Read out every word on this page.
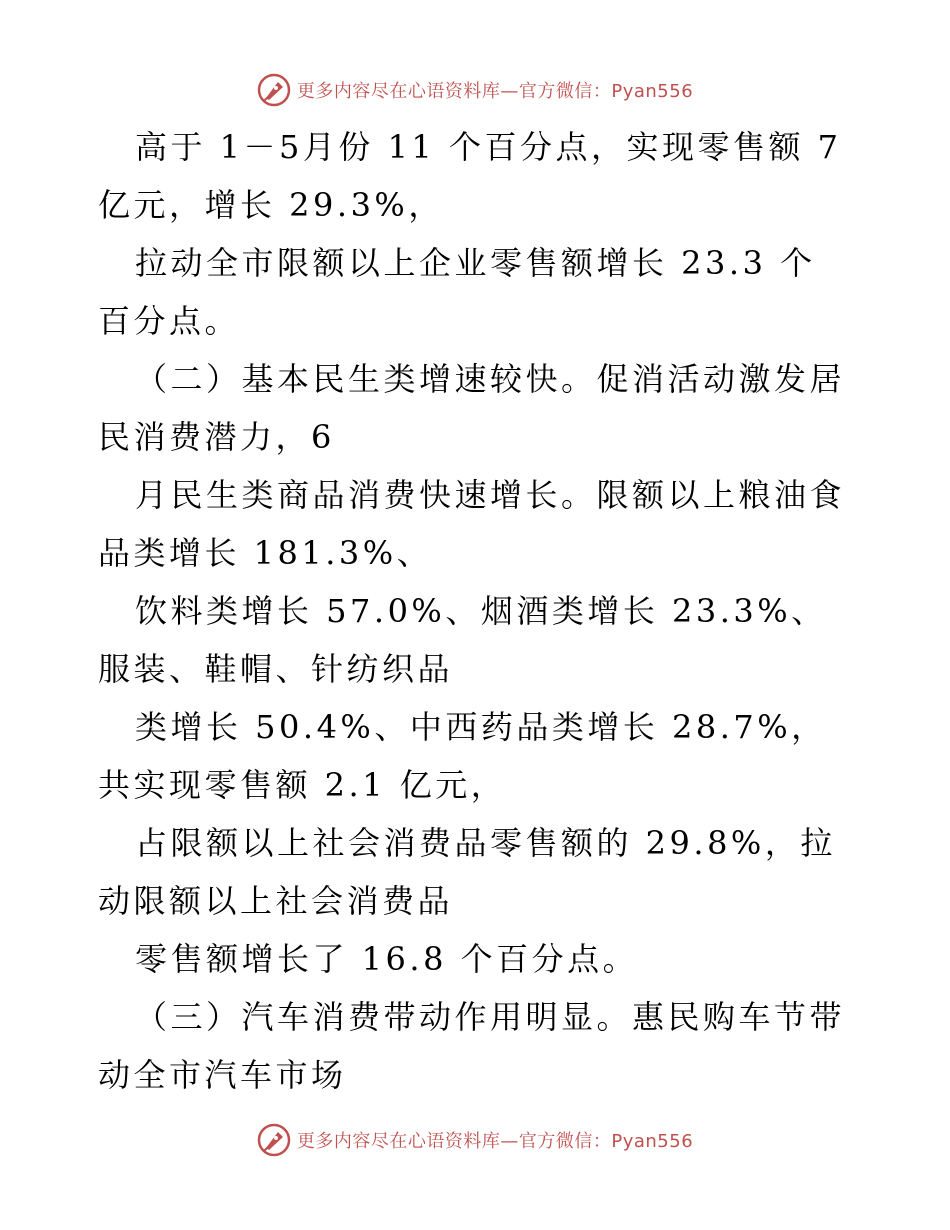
更多内容尽在心语资料库—官方微信：Pyan556

高于 1－5月份 11 个百分点，实现零售额 7亿元，增长 29.3%，

拉动全市限额以上企业零售额增长 23.3 个百分点。

（二）基本民生类增速较快。促消活动激发居民消费潜力，6

月民生类商品消费快速增长。限额以上粮油食品类增长 181.3%、

饮料类增长 57.0%、烟酒类增长 23.3%、服装、鞋帽、针纺织品

类增长 50.4%、中西药品类增长 28.7%，共实现零售额 2.1 亿元，

占限额以上社会消费品零售额的 29.8%，拉动限额以上社会消费品

零售额增长了 16.8 个百分点。

（三）汽车消费带动作用明显。惠民购车节带动全市汽车市场

更多内容尽在心语资料库—官方微信：Pyan556
